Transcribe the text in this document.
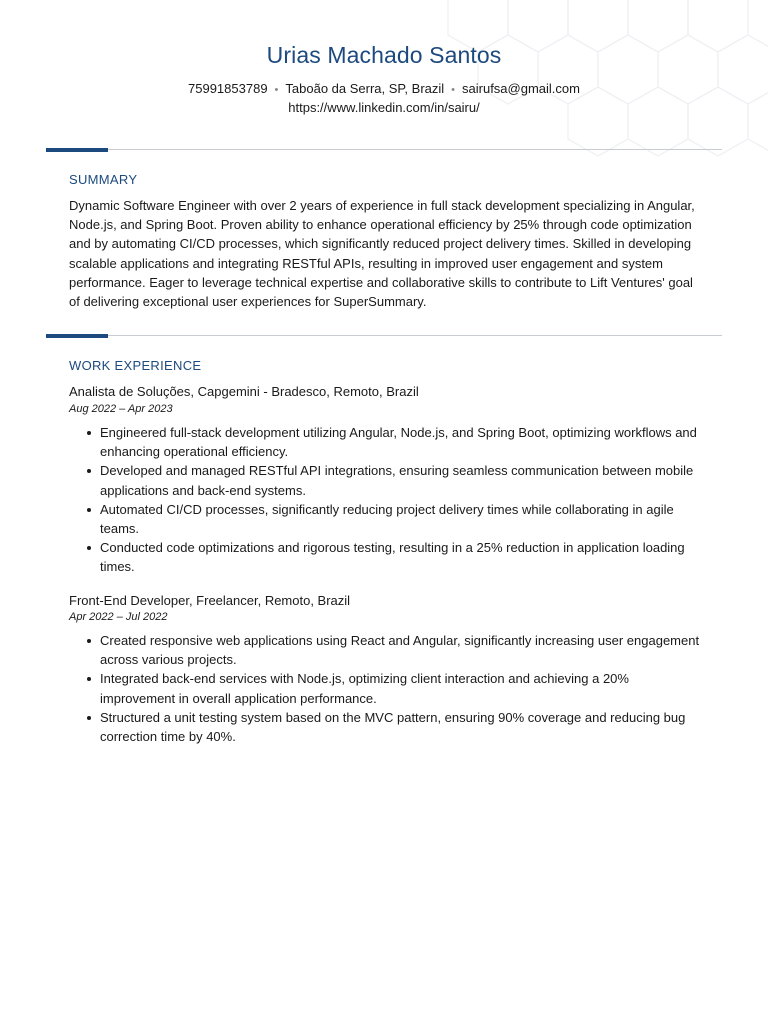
Urias Machado Santos
75991853789 • Taboão da Serra, SP, Brazil • sairufsa@gmail.com
https://www.linkedin.com/in/sairu/
SUMMARY
Dynamic Software Engineer with over 2 years of experience in full stack development specializing in Angular, Node.js, and Spring Boot. Proven ability to enhance operational efficiency by 25% through code optimization and by automating CI/CD processes, which significantly reduced project delivery times. Skilled in developing scalable applications and integrating RESTful APIs, resulting in improved user engagement and system performance. Eager to leverage technical expertise and collaborative skills to contribute to Lift Ventures' goal of delivering exceptional user experiences for SuperSummary.
WORK EXPERIENCE
Analista de Soluções, Capgemini - Bradesco, Remoto, Brazil
Aug 2022 – Apr 2023
Engineered full-stack development utilizing Angular, Node.js, and Spring Boot, optimizing workflows and enhancing operational efficiency.
Developed and managed RESTful API integrations, ensuring seamless communication between mobile applications and back-end systems.
Automated CI/CD processes, significantly reducing project delivery times while collaborating in agile teams.
Conducted code optimizations and rigorous testing, resulting in a 25% reduction in application loading times.
Front-End Developer, Freelancer, Remoto, Brazil
Apr 2022 – Jul 2022
Created responsive web applications using React and Angular, significantly increasing user engagement across various projects.
Integrated back-end services with Node.js, optimizing client interaction and achieving a 20% improvement in overall application performance.
Structured a unit testing system based on the MVC pattern, ensuring 90% coverage and reducing bug correction time by 40%.
